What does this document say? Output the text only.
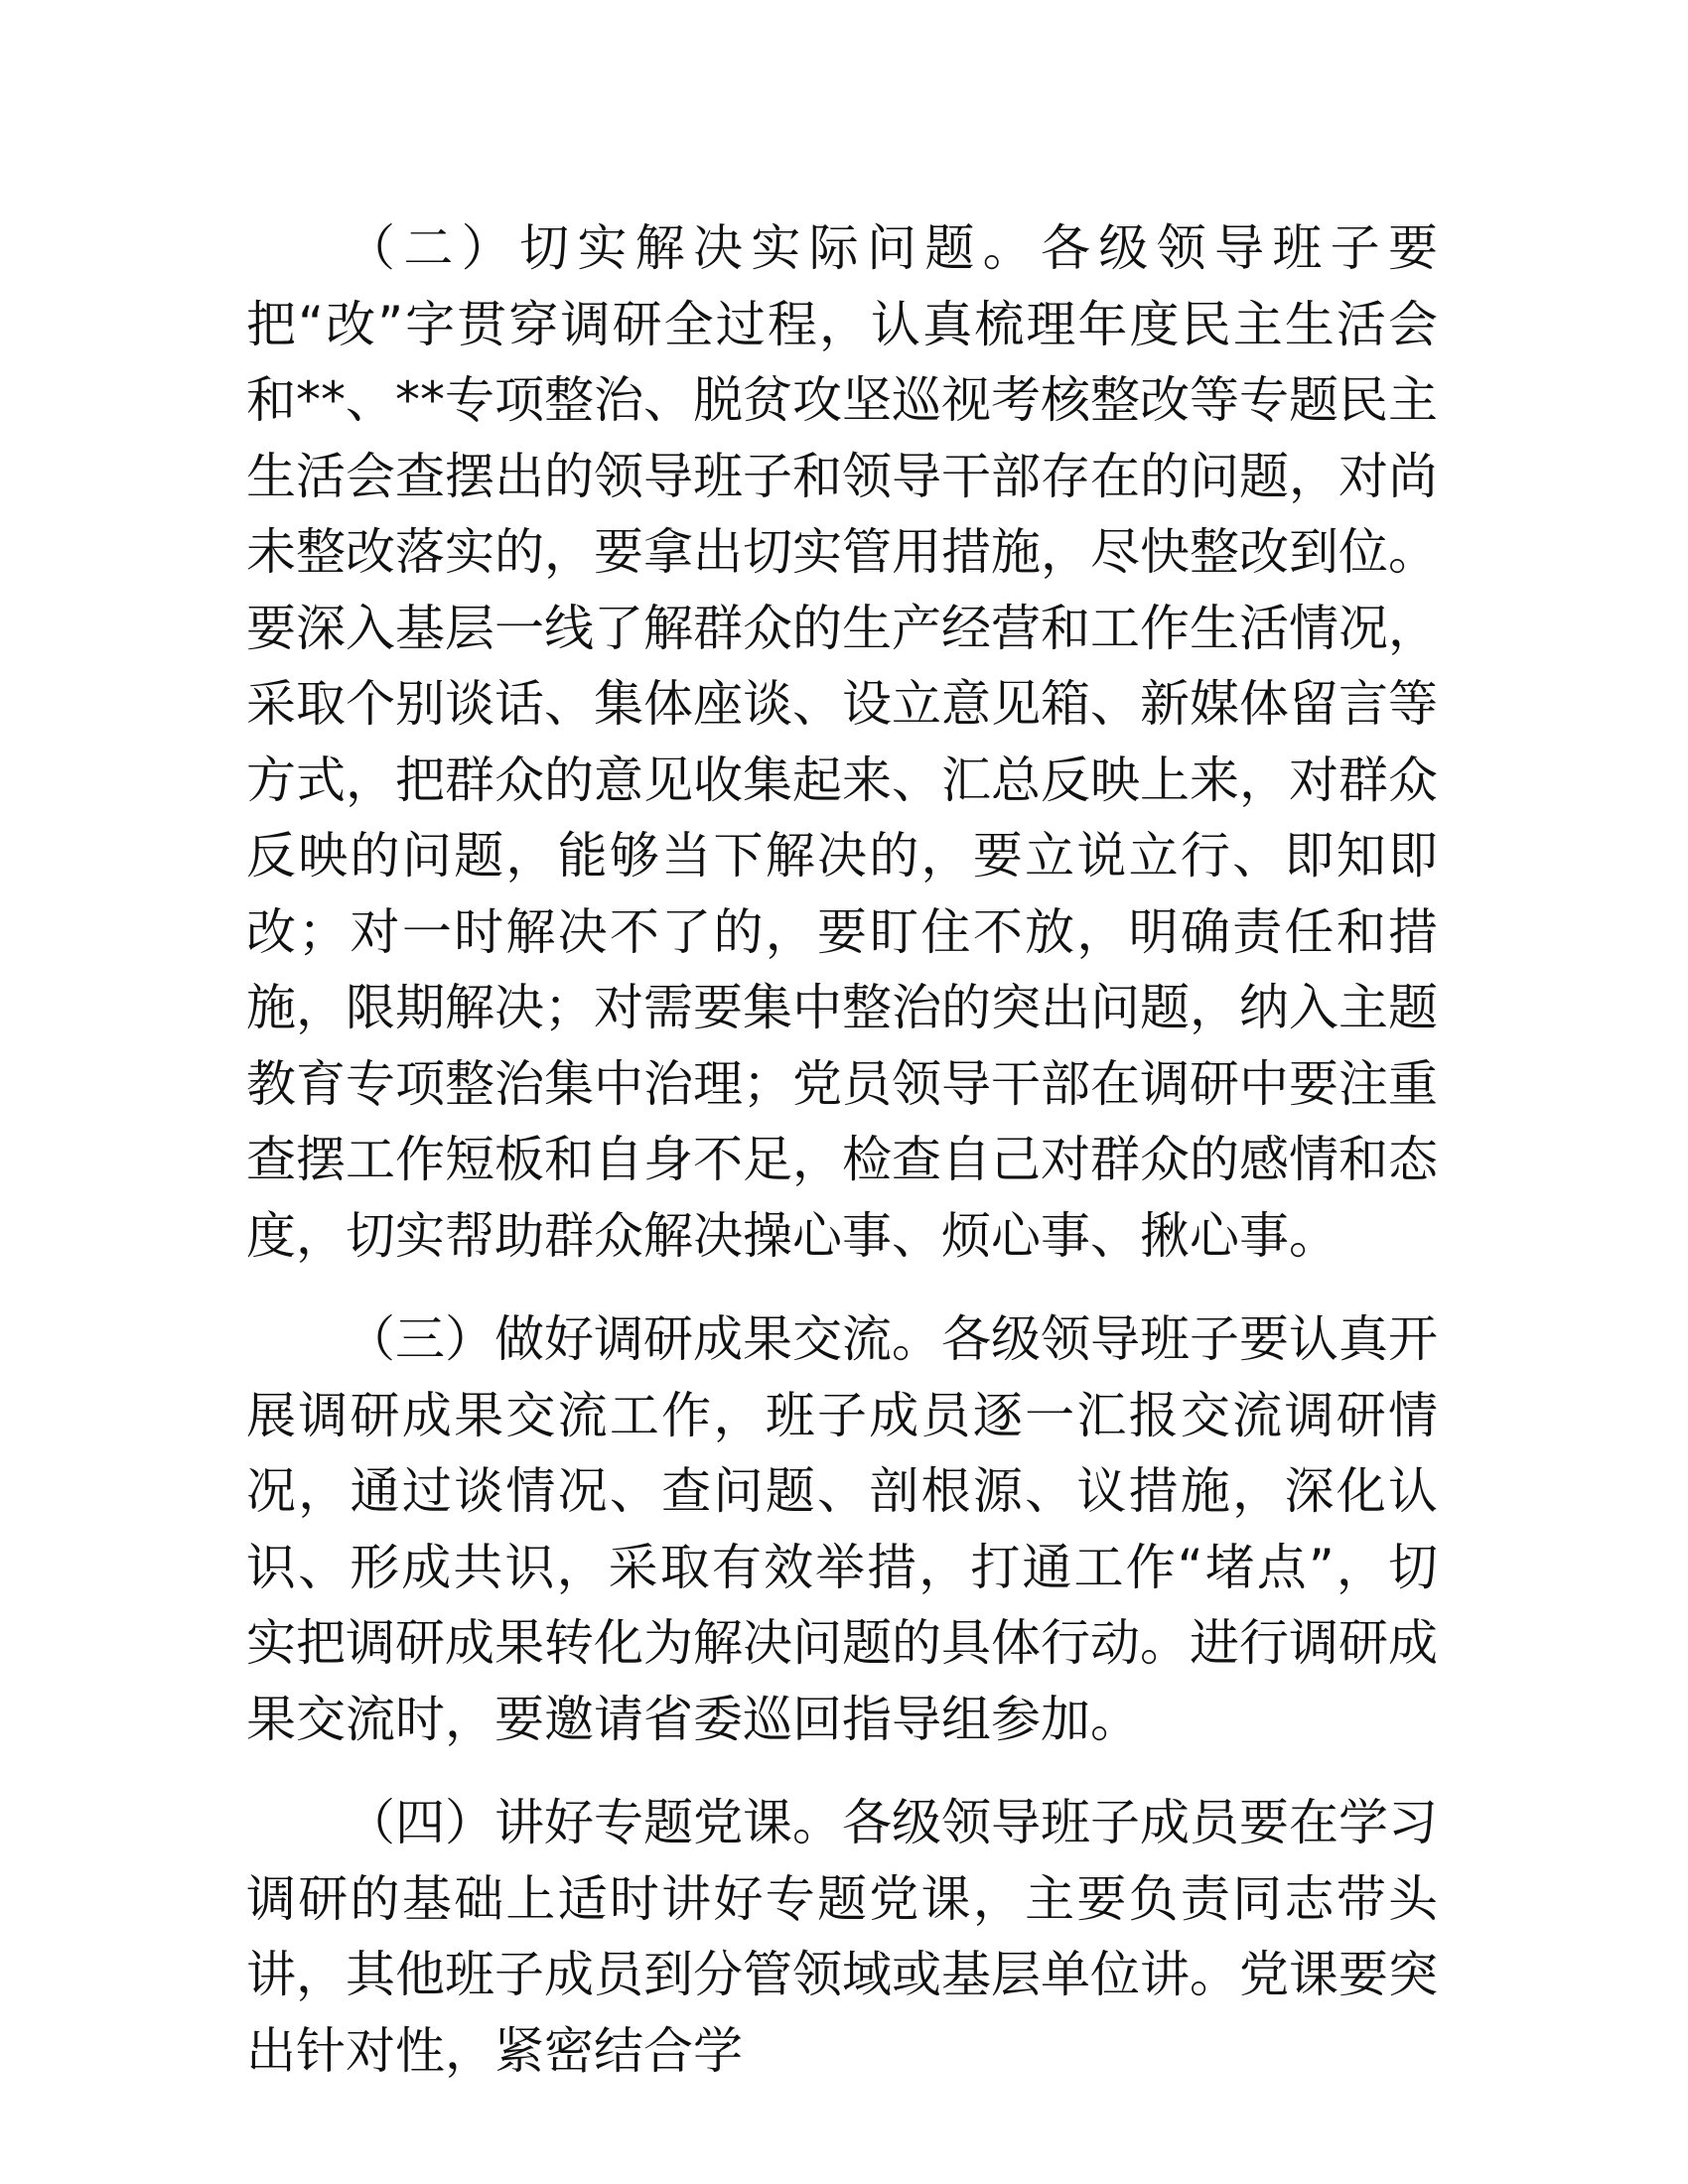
（二）切实解决实际问题。各级领导班子要把“改”字贯穿调研全过程，认真梳理年度民主生活会和**、**专项整治、脱贫攻坚巡视考核整改等专题民主生活会查摆出的领导班子和领导干部存在的问题，对尚未整改落实的，要拿出切实管用措施，尽快整改到位。要深入基层一线了解群众的生产经营和工作生活情况，采取个别谈话、集体座谈、设立意见箱、新媒体留言等方式，把群众的意见收集起来、汇总反映上来，对群众反映的问题，能够当下解决的，要立说立行、即知即改；对一时解决不了的，要盯住不放，明确责任和措施，限期解决；对需要集中整治的突出问题，纳入主题教育专项整治集中治理；党员领导干部在调研中要注重查摆工作短板和自身不足，检查自己对群众的感情和态度，切实帮助群众解决操心事、烦心事、揪心事。

（三）做好调研成果交流。各级领导班子要认真开展调研成果交流工作，班子成员逐一汇报交流调研情况，通过谈情况、查问题、剖根源、议措施，深化认识、形成共识，采取有效举措，打通工作“堵点”，切实把调研成果转化为解决问题的具体行动。进行调研成果交流时，要邀请省委巡回指导组参加。

（四）讲好专题党课。各级领导班子成员要在学习调研的基础上适时讲好专题党课，主要负责同志带头讲，其他班子成员到分管领域或基层单位讲。党课要突出针对性，紧密结合学
